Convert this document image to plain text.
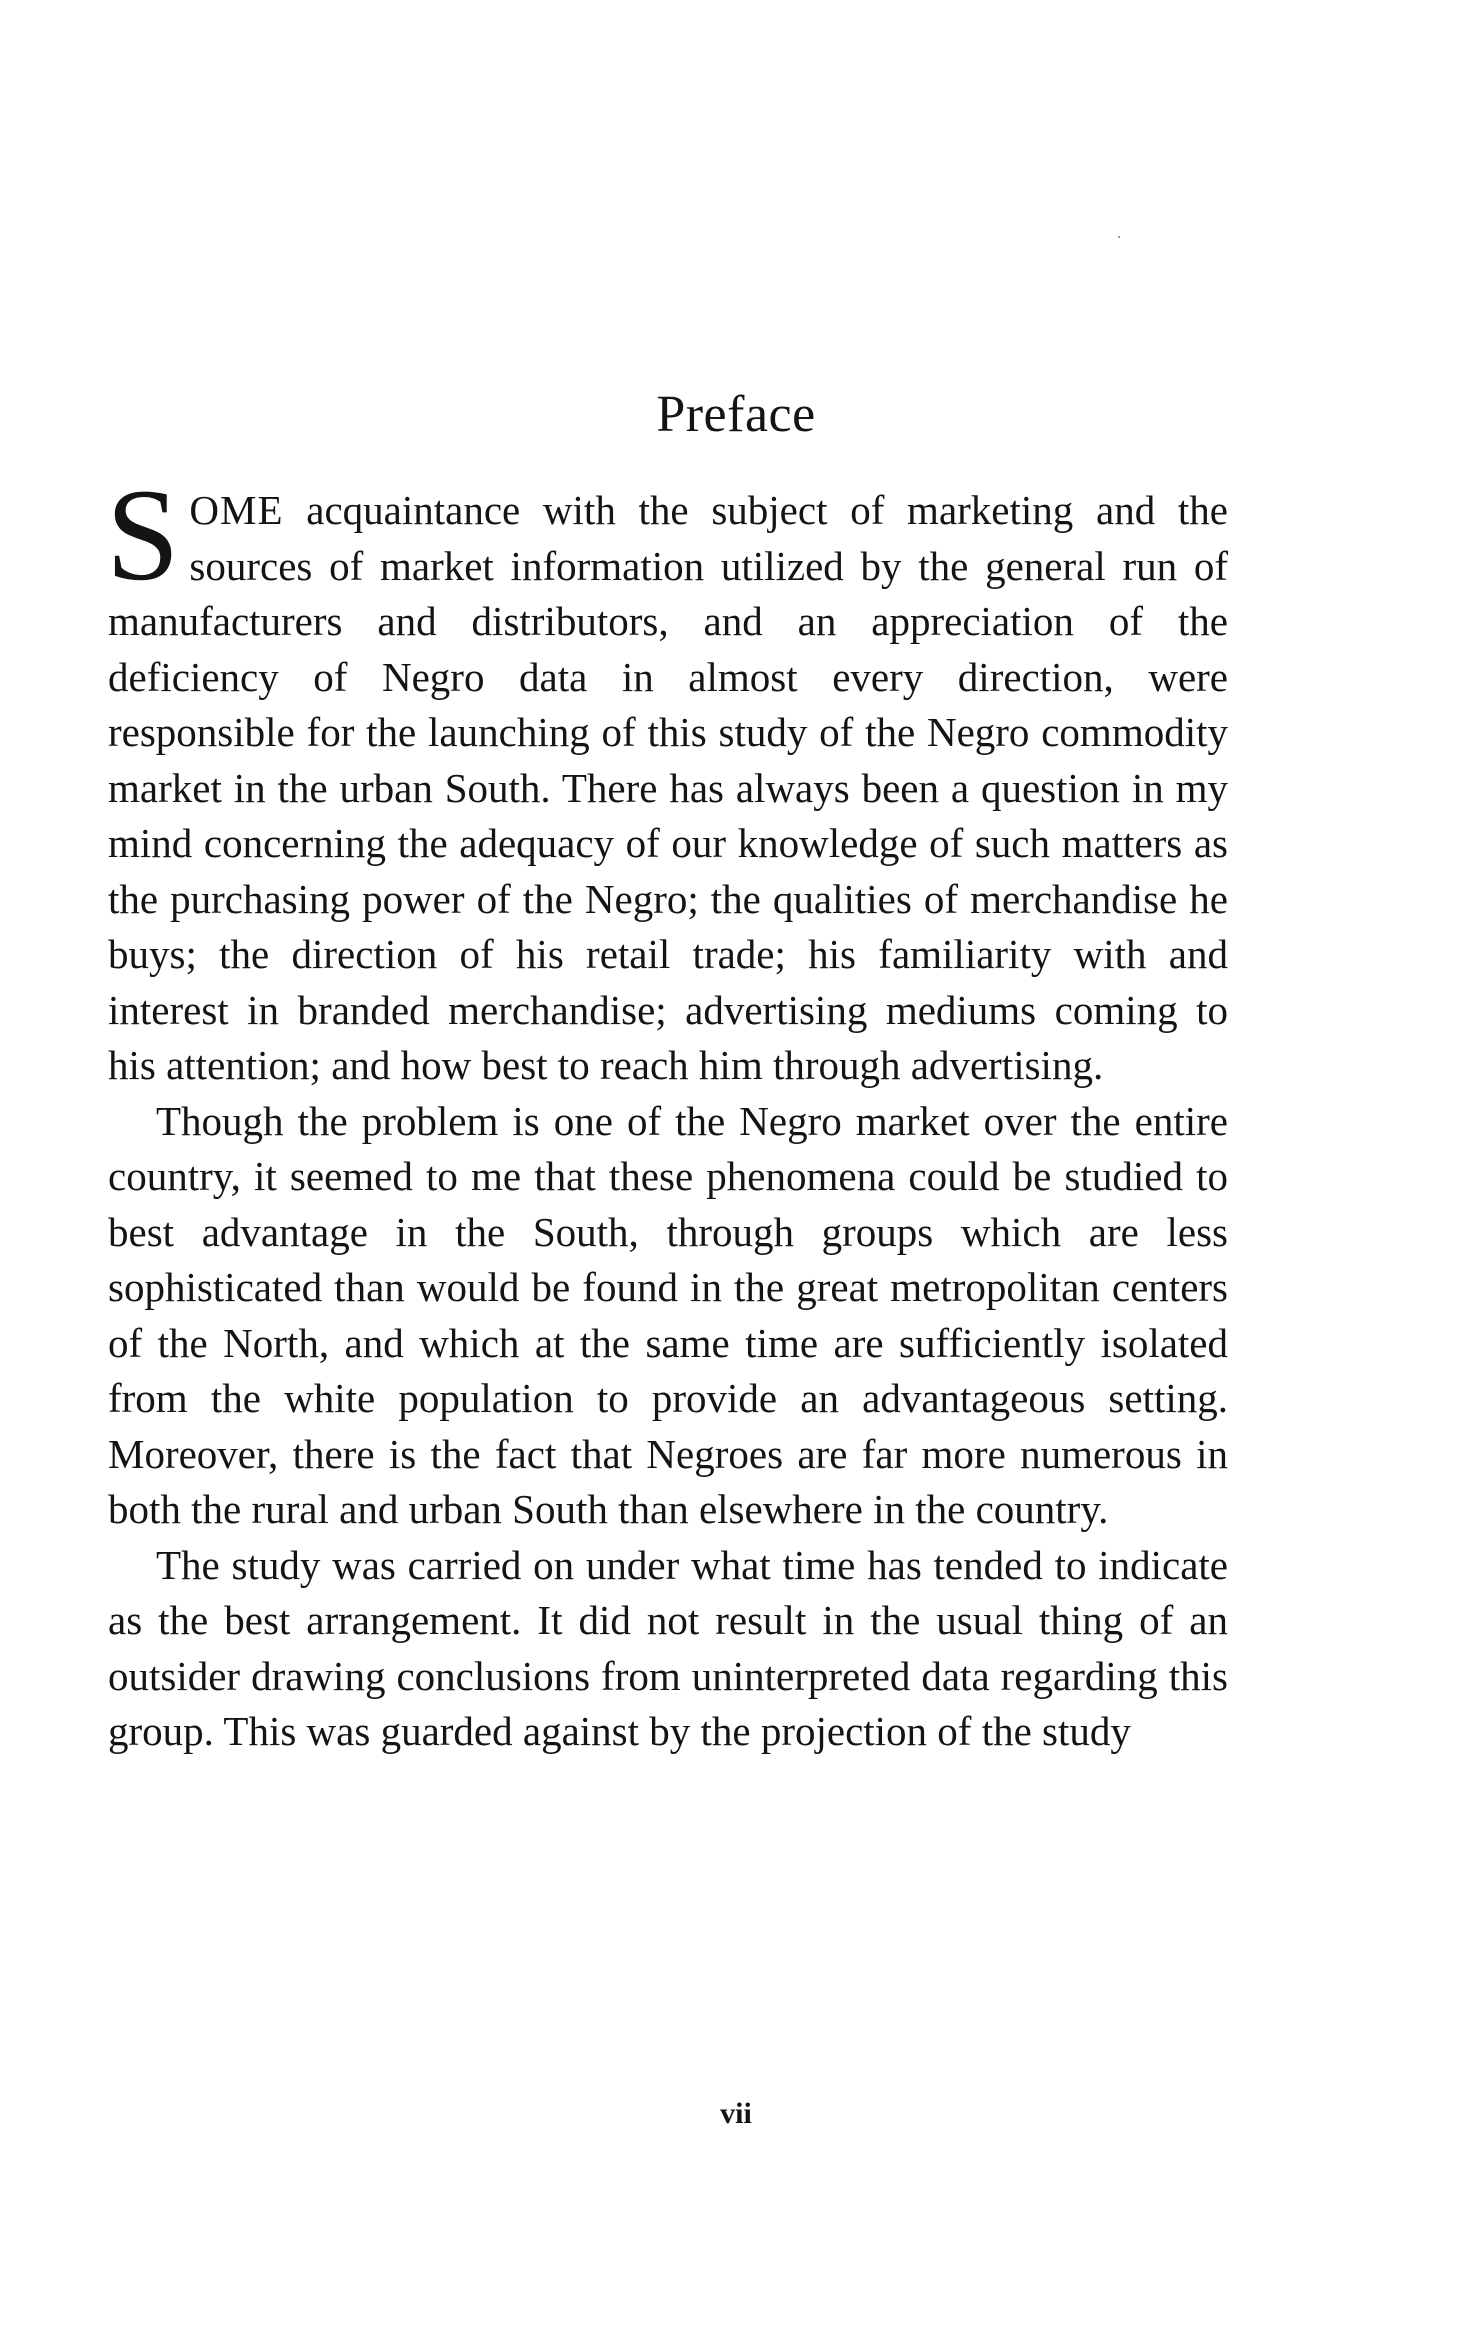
Preface

SOME acquaintance with the subject of marketing and the sources of market information utilized by the general run of manufacturers and distributors, and an appreciation of the deficiency of Negro data in almost every direction, were responsible for the launching of this study of the Negro commodity market in the urban South. There has always been a question in my mind concerning the adequacy of our knowledge of such matters as the purchasing power of the Negro; the qualities of merchandise he buys; the direction of his retail trade; his familiarity with and interest in branded merchandise; advertising mediums coming to his attention; and how best to reach him through advertising.

Though the problem is one of the Negro market over the entire country, it seemed to me that these phenomena could be studied to best advantage in the South, through groups which are less sophisticated than would be found in the great metropolitan centers of the North, and which at the same time are sufficiently isolated from the white population to provide an advantageous setting. Moreover, there is the fact that Negroes are far more numerous in both the rural and urban South than elsewhere in the country.

The study was carried on under what time has tended to indicate as the best arrangement. It did not result in the usual thing of an outsider drawing conclusions from uninterpreted data regarding this group. This was guarded against by the projection of the study

vii
